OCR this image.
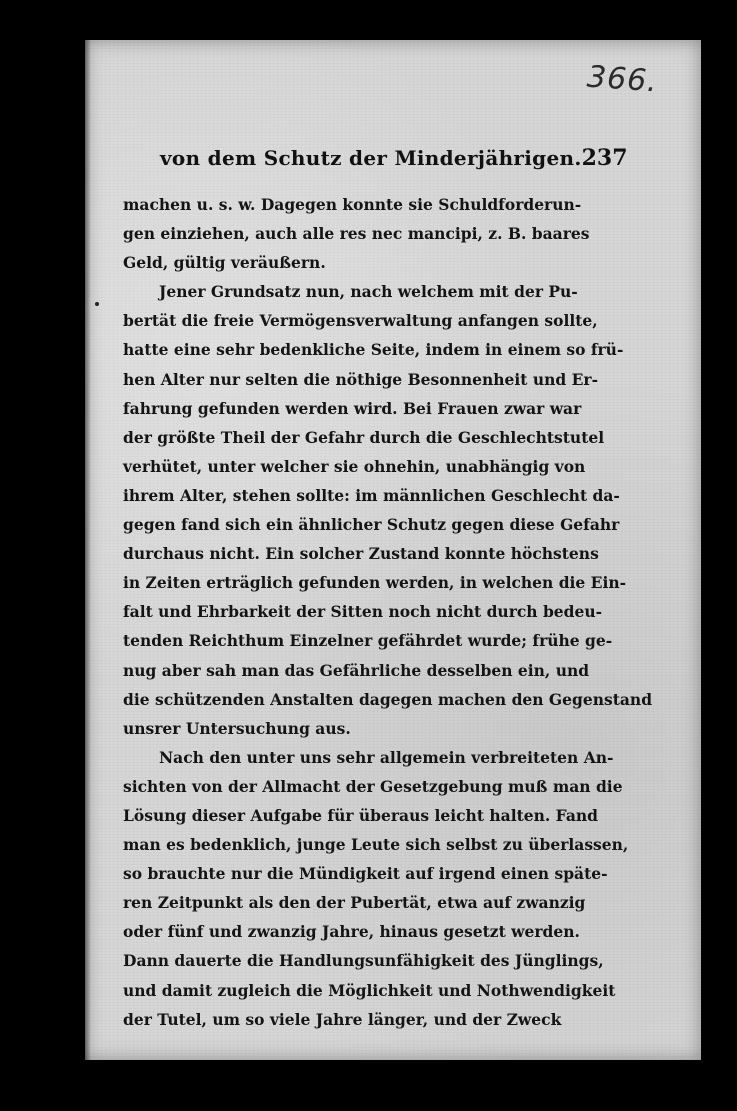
366.
von dem Schutz der Minderjährigen. 237
machen u. s. w. Dagegen konnte sie Schuldforderun-
gen einziehen, auch alle res nec mancipi, z. B. baares
Geld, gültig veräußern.
Jener Grundsatz nun, nach welchem mit der Pu-
bertät die freie Vermögensverwaltung anfangen sollte,
hatte eine sehr bedenkliche Seite, indem in einem so frü-
hen Alter nur selten die nöthige Besonnenheit und Er-
fahrung gefunden werden wird. Bei Frauen zwar war
der größte Theil der Gefahr durch die Geschlechtstutel
verhütet, unter welcher sie ohnehin, unabhängig von
ihrem Alter, stehen sollte: im männlichen Geschlecht da-
gegen fand sich ein ähnlicher Schutz gegen diese Gefahr
durchaus nicht. Ein solcher Zustand konnte höchstens
in Zeiten erträglich gefunden werden, in welchen die Ein-
falt und Ehrbarkeit der Sitten noch nicht durch bedeu-
tenden Reichthum Einzelner gefährdet wurde; frühe ge-
nug aber sah man das Gefährliche desselben ein, und
die schützenden Anstalten dagegen machen den Gegenstand
unsrer Untersuchung aus.
Nach den unter uns sehr allgemein verbreiteten An-
sichten von der Allmacht der Gesetzgebung muß man die
Lösung dieser Aufgabe für überaus leicht halten. Fand
man es bedenklich, junge Leute sich selbst zu überlassen,
so brauchte nur die Mündigkeit auf irgend einen späte-
ren Zeitpunkt als den der Pubertät, etwa auf zwanzig
oder fünf und zwanzig Jahre, hinaus gesetzt werden.
Dann dauerte die Handlungsunfähigkeit des Jünglings,
und damit zugleich die Möglichkeit und Nothwendigkeit
der Tutel, um so viele Jahre länger, und der Zweck
